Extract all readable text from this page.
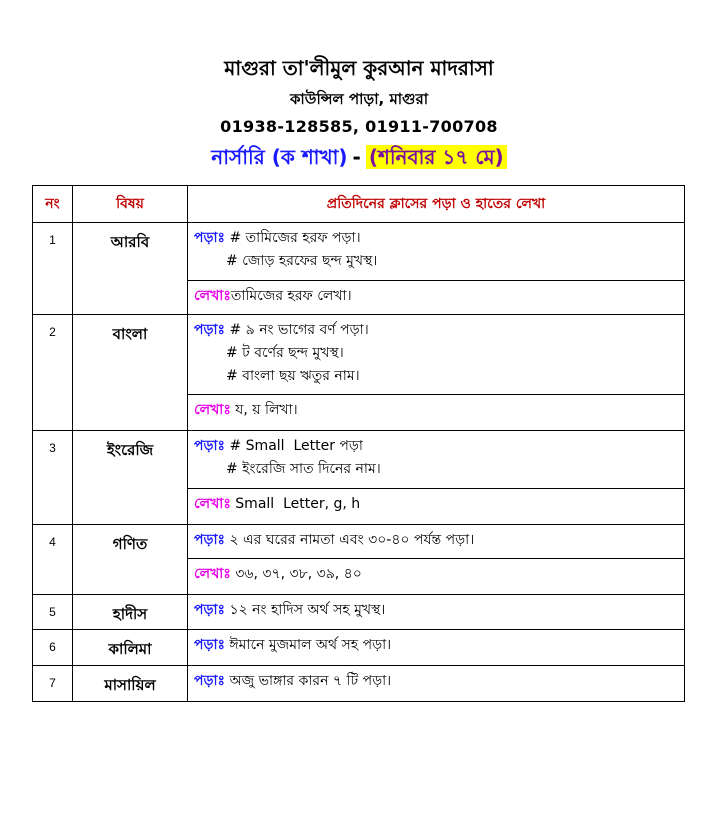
মাগুরা তা'লীমুল কুরআন মাদরাসা
কাউন্সিল পাড়া, মাগুরা
01938-128585, 01911-700708
নার্সারি (ক শাখা) - (শনিবার ১৭ মে)
নং	বিষয়	প্রতিদিনের ক্লাসের পড়া ও হাতের লেখা
1	আরবি	পড়াঃ # তামিজের হরফ পড়া।
# জোড় হরফের ছন্দ মুখস্থ।

		লেখাঃতামিজের হরফ লেখা।
2	বাংলা	পড়াঃ # ৯ নং ভাগের বর্ণ পড়া।
# ট বর্ণের ছন্দ মুখস্থ।
# বাংলা ছয় ঋতুর নাম।

		লেখাঃ য, য় লিখা।
3	ইংরেজি	পড়াঃ # Small  Letter পড়া
# ইংরেজি সাত দিনের নাম।

		লেখাঃ Small  Letter, g, h
4	গণিত	পড়াঃ ২ এর ঘরের নামতা এবং ৩০-৪০ পর্যন্ত পড়া।
		লেখাঃ ৩৬, ৩৭, ৩৮, ৩৯, ৪০
5	হাদীস	পড়াঃ ১২ নং হাদিস অর্থ সহ মুখস্থ।
6	কালিমা	পড়াঃ ঈমানে মুজমাল অর্থ সহ পড়া।
7	মাসায়িল	পড়াঃ অজু ভাঙ্গার কারন ৭ টি পড়া।
